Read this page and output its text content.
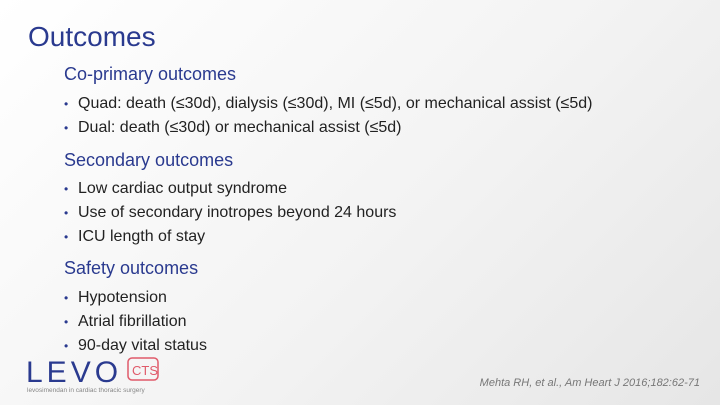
Outcomes
Co-primary outcomes
• Quad: death (≤30d), dialysis (≤30d), MI (≤5d), or mechanical assist (≤5d)
• Dual: death (≤30d) or mechanical assist (≤5d)
Secondary outcomes
• Low cardiac output syndrome
• Use of secondary inotropes beyond 24 hours
• ICU length of stay
Safety outcomes
• Hypotension
• Atrial fibrillation
• 90-day vital status
LEVO CTS
levosimendan in cardiac thoracic surgery
Mehta RH, et al., Am Heart J 2016;182:62-71
